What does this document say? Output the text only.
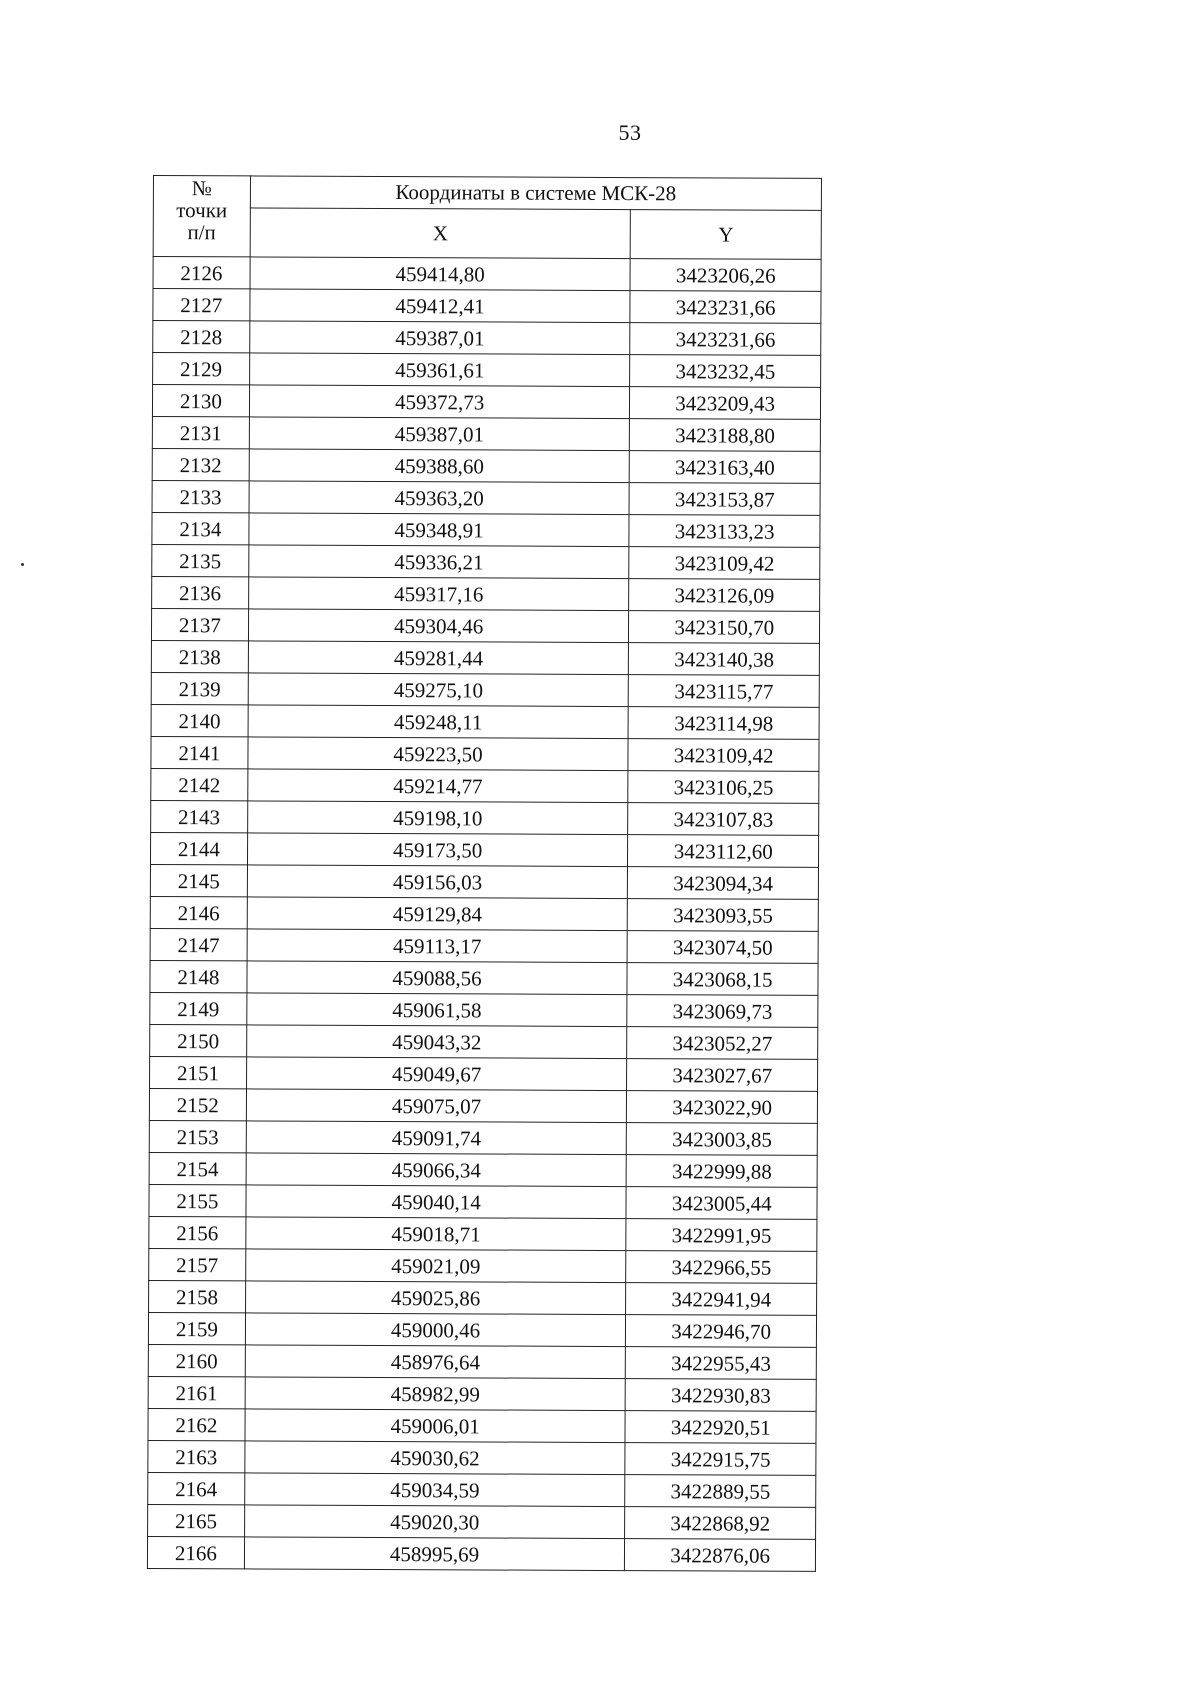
53
№
точки
п/п	Координаты в системе МСК-28	
	X	Y
2126	459414,80	3423206,26
2127	459412,41	3423231,66
2128	459387,01	3423231,66
2129	459361,61	3423232,45
2130	459372,73	3423209,43
2131	459387,01	3423188,80
2132	459388,60	3423163,40
2133	459363,20	3423153,87
2134	459348,91	3423133,23
2135	459336,21	3423109,42
2136	459317,16	3423126,09
2137	459304,46	3423150,70
2138	459281,44	3423140,38
2139	459275,10	3423115,77
2140	459248,11	3423114,98
2141	459223,50	3423109,42
2142	459214,77	3423106,25
2143	459198,10	3423107,83
2144	459173,50	3423112,60
2145	459156,03	3423094,34
2146	459129,84	3423093,55
2147	459113,17	3423074,50
2148	459088,56	3423068,15
2149	459061,58	3423069,73
2150	459043,32	3423052,27
2151	459049,67	3423027,67
2152	459075,07	3423022,90
2153	459091,74	3423003,85
2154	459066,34	3422999,88
2155	459040,14	3423005,44
2156	459018,71	3422991,95
2157	459021,09	3422966,55
2158	459025,86	3422941,94
2159	459000,46	3422946,70
2160	458976,64	3422955,43
2161	458982,99	3422930,83
2162	459006,01	3422920,51
2163	459030,62	3422915,75
2164	459034,59	3422889,55
2165	459020,30	3422868,92
2166	458995,69	3422876,06
